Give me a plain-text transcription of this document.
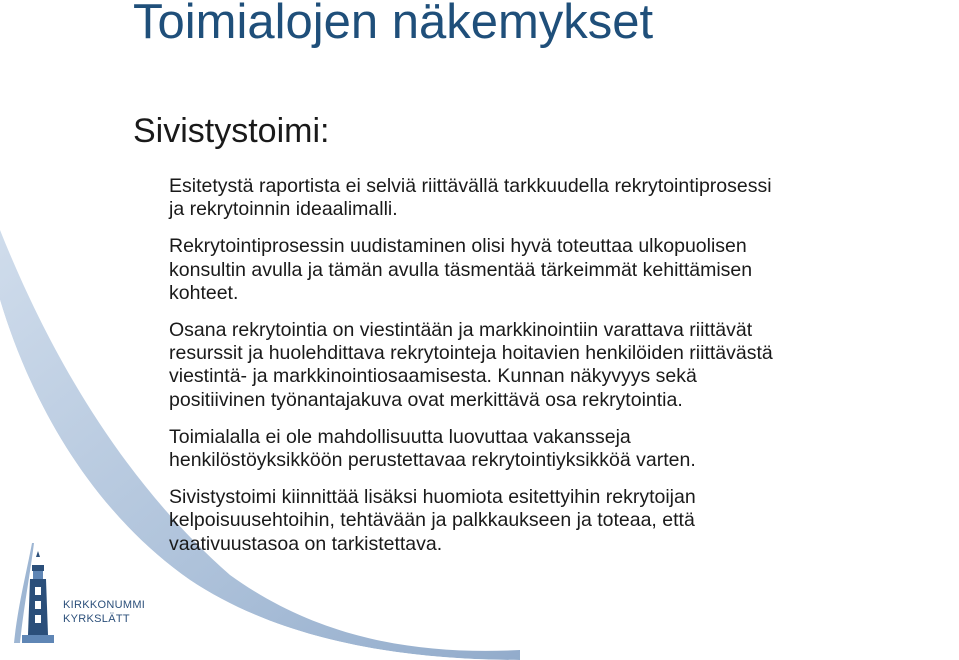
Toimialojen näkemykset
Sivistystoimi:

Esitetystä raportista ei selviä riittävällä tarkkuudella rekrytointiprosessi
ja rekrytoinnin ideaalimalli.

Rekrytointiprosessin uudistaminen olisi hyvä toteuttaa ulkopuolisen
konsultin avulla ja tämän avulla täsmentää tärkeimmät kehittämisen
kohteet.

Osana rekrytointia on viestintään ja markkinointiin varattava riittävät
resurssit ja huolehdittava rekrytointeja hoitavien henkilöiden riittävästä
viestintä- ja markkinointiosaamisesta. Kunnan näkyvyys sekä
positiivinen työnantajakuva ovat merkittävä osa rekrytointia.

Toimialalla ei ole mahdollisuutta luovuttaa vakansseja
henkilöstöyksikköön perustettavaa rekrytointiyksikköä varten.

Sivistystoimi kiinnittää lisäksi huomiota esitettyihin rekrytoijan
kelpoisuusehtoihin, tehtävään ja palkkaukseen ja toteaa, että
vaativuustasoa on tarkistettava.

KIRKKONUMMI
KYRKSLÄTT
